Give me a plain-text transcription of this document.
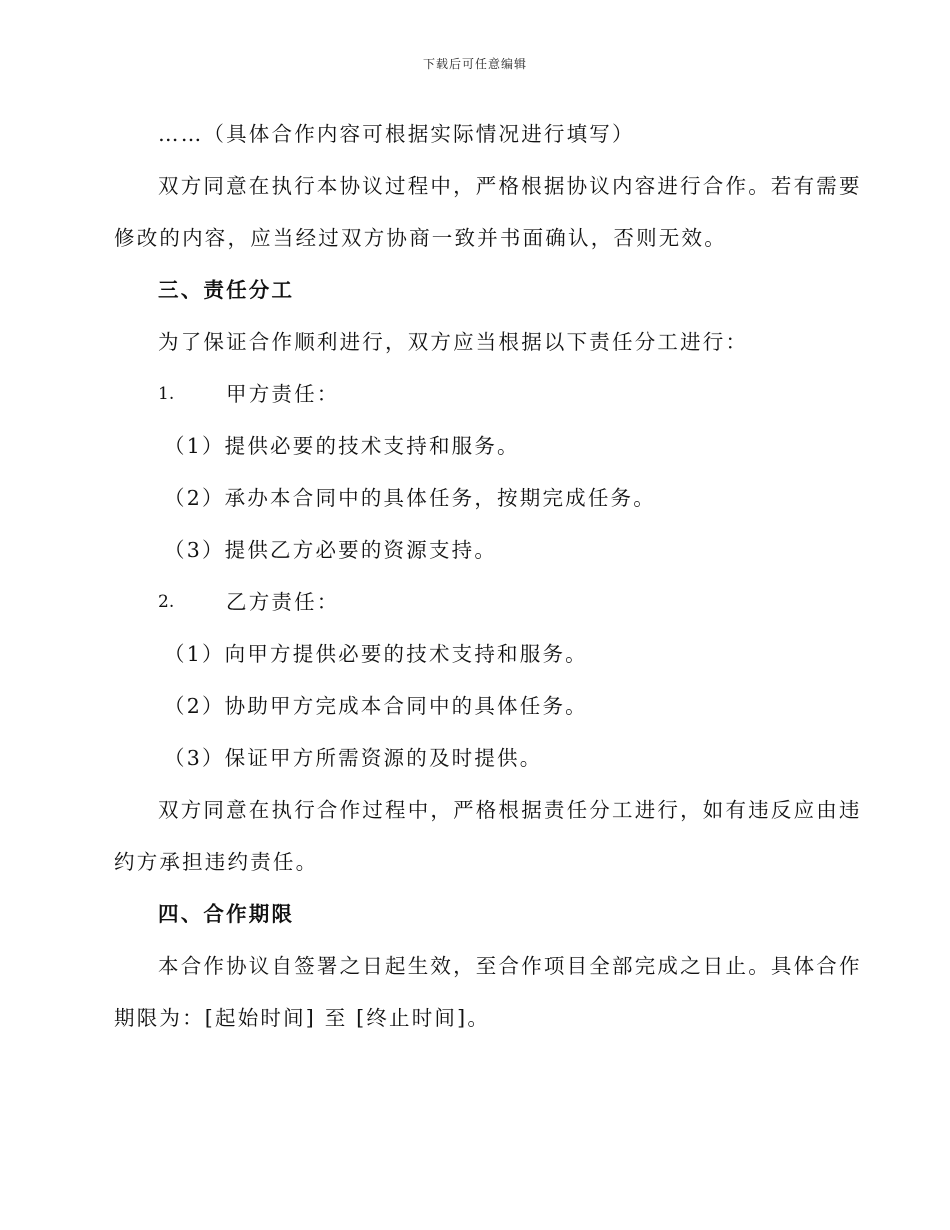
下载后可任意编辑

……（具体合作内容可根据实际情况进行填写）

双方同意在执行本协议过程中，严格根据协议内容进行合作。若有需要
修改的内容，应当经过双方协商一致并书面确认，否则无效。

三、责任分工

为了保证合作顺利进行，双方应当根据以下责任分工进行：

1.	甲方责任：

（1）提供必要的技术支持和服务。

（2）承办本合同中的具体任务，按期完成任务。

（3）提供乙方必要的资源支持。

2.	乙方责任：

（1）向甲方提供必要的技术支持和服务。

（2）协助甲方完成本合同中的具体任务。

（3）保证甲方所需资源的及时提供。

双方同意在执行合作过程中，严格根据责任分工进行，如有违反应由违
约方承担违约责任。

四、合作期限

本合作协议自签署之日起生效，至合作项目全部完成之日止。具体合作
期限为：[起始时间] 至 [终止时间]。
